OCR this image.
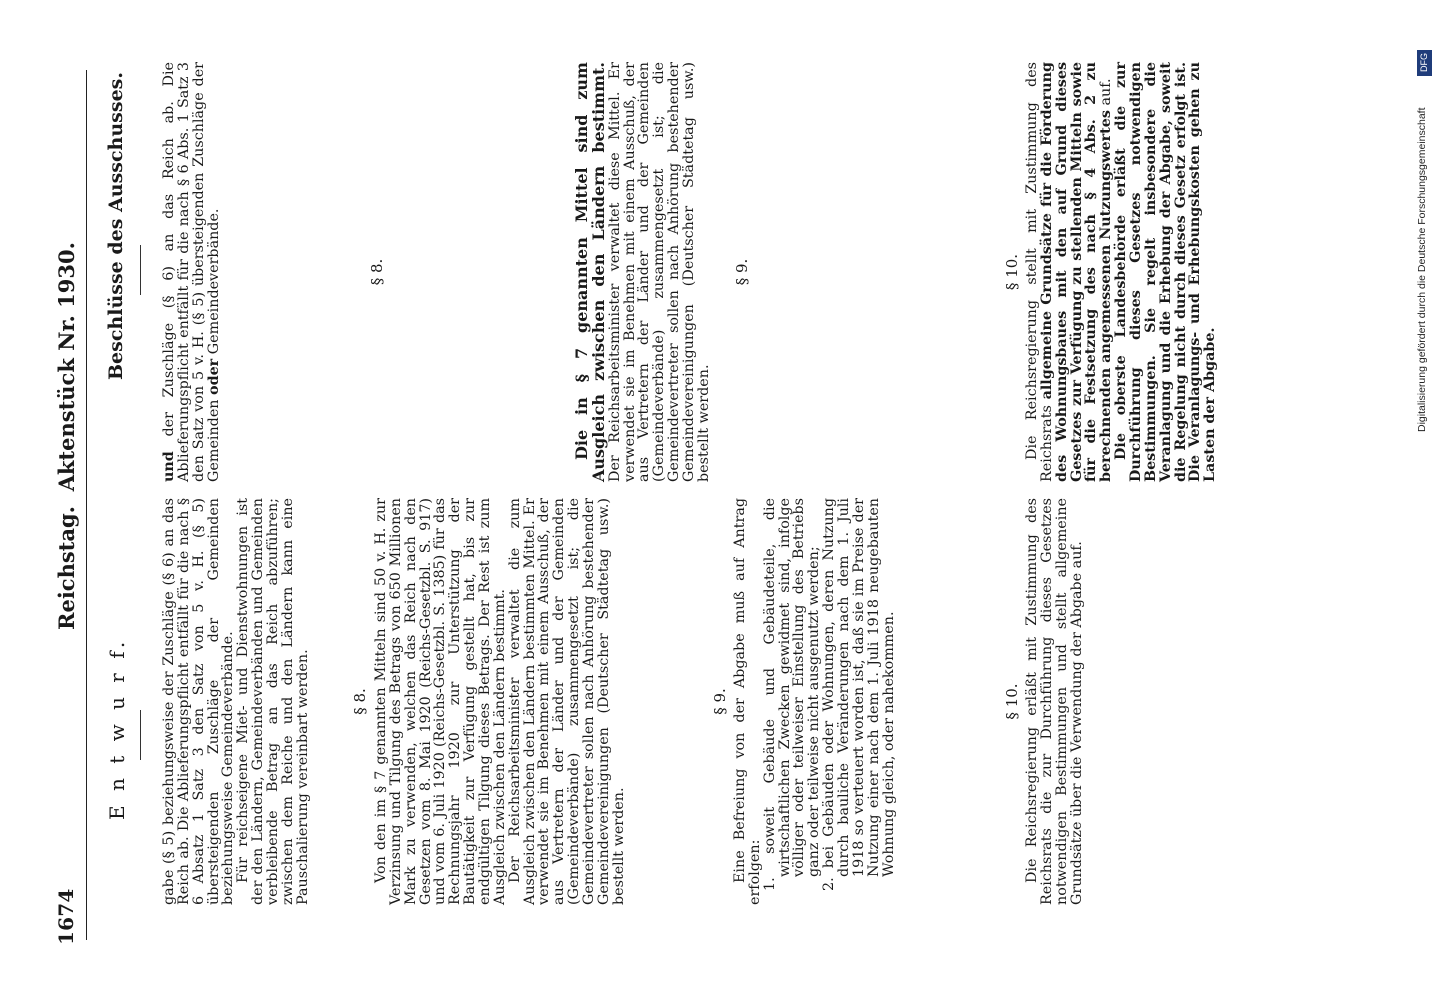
DFG
Digitalisierung gefördert durch die Deutsche Forschungsgemeinschaft
1674
Reichstag.  Aktenstück Nr. 1930.
E n t w u r f. gabe (§ 5) beziehungsweise der Zuschläge (§ 6) an das Reich ab. Die Ablieferungspflicht entfällt für die nach § 6 Absatz 1 Satz 3 den Satz von 5 v. H. (§ 5) übersteigenden Zuschläge der Gemeinden beziehungsweise Gemeindeverbände.

Für reichseigene Miet- und Dienstwohnungen ist der den Ländern, Gemeindeverbänden und Gemeinden verbleibende Betrag an das Reich abzuführen; zwischen dem Reiche und den Ländern kann eine Pauschalierung vereinbart werden.	§ 8. Von den im § 7 genannten Mitteln sind 50 v. H. zur Verzinsung und Tilgung des Betrags von 650 Millionen Mark zu verwenden, welchen das Reich nach den Gesetzen vom 8. Mai 1920 (Reichs-Gesetzbl. S. 917) und vom 6. Juli 1920 (Reichs-Gesetzbl. S. 1385) für das Rechnungsjahr 1920 zur Unterstützung der Bautätigkeit zur Verfügung gestellt hat, bis zur endgültigen Tilgung dieses Betrags. Der Rest ist zum Ausgleich zwischen den Ländern bestimmt.

Der Reichsarbeitsminister verwaltet die zum Ausgleich zwischen den Ländern bestimmten Mittel. Er verwendet sie im Benehmen mit einem Ausschuß, der aus Vertretern der Länder und der Gemeinden (Gemeindeverbände) zusammengesetzt ist; die Gemeindevertreter sollen nach Anhörung bestehender Gemeindevereinigungen (Deutscher Städtetag usw.) bestellt werden.

§ 9. Eine Befreiung von der Abgabe muß auf Antrag erfolgen:

1. soweit Gebäude und Gebäudeteile, die wirtschaftlichen Zwecken gewidmet sind, infolge völliger oder teilweiser Einstellung des Betriebs ganz oder teilweise nicht ausgenutzt werden;

2. bei Gebäuden oder Wohnungen, deren Nutzung durch bauliche Veränderungen nach dem 1. Juli 1918 so verteuert worden ist, daß sie im Preise der Nutzung einer nach dem 1. Juli 1918 neugebauten Wohnung gleich, oder nahekommen.	§ 10. Die Reichsregierung erläßt mit Zustimmung des Reichsrats die zur Durchführung dieses Gesetzes notwendigen Bestimmungen und stellt allgemeine Grundsätze über die Verwendung der Abgabe auf.

Beschlüsse des Ausschusses.

und der Zuschläge (§ 6) an das Reich ab. Die Ablieferungspflicht entfällt für die nach § 6 Abs. 1 Satz 3 den Satz von 5 v. H. (§ 5) übersteigenden Zuschläge der Gemeinden oder Gemeindeverbände.	§ 8.	Die in § 7 genannten Mittel sind zum Ausgleich zwischen den Ländern bestimmt. Der Reichsarbeitsminister verwaltet diese Mittel. Er verwendet sie im Benehmen mit einem Ausschuß, der aus Vertretern der Länder und der Gemeinden (Gemeindeverbände) zusammengesetzt ist; die Gemeindevertreter sollen nach Anhörung bestehender Gemeindevereinigungen (Deutscher Städtetag usw.) bestellt werden.

§ 9.	§ 10. Die Reichsregierung stellt mit Zustimmung des Reichsrats allgemeine Grundsätze für die Förderung des Wohnungsbaues mit den auf Grund dieses Gesetzes zur Verfügung zu stellenden Mitteln sowie für die Festsetzung des nach § 4 Abs. 2 zu berechnenden angemessenen Nutzungswertes auf.

Die oberste Landesbehörde erläßt die zur Durchführung dieses Gesetzes notwendigen Bestimmungen. Sie regelt insbesondere die Veranlagung und die Erhebung der Abgabe, soweit die Regelung nicht durch dieses Gesetz erfolgt ist. Die Veranlagungs- und Erhebungskosten gehen zu Lasten der Abgabe.
